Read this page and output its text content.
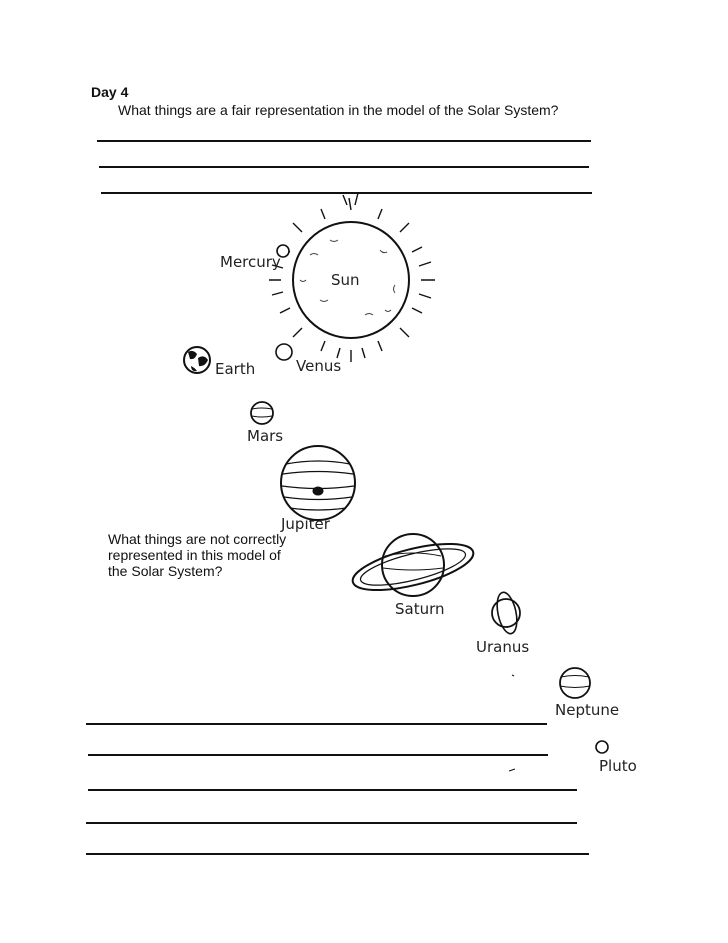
Day 4
What things are a fair representation in the model of the Solar System?
Sun
Mercury
Venus
Earth
Mars
Jupiter
Saturn
Uranus
Neptune
Pluto
What things are not correctly represented in this model of the Solar System?
